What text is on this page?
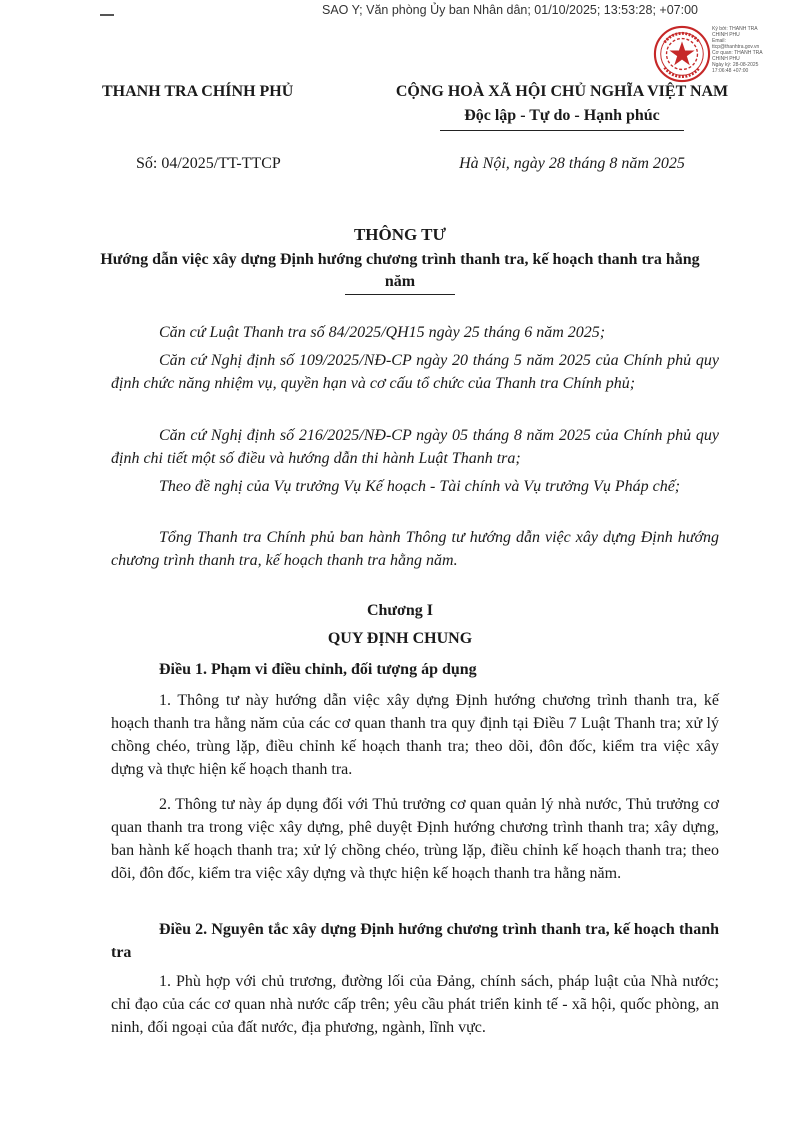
SAO Y; Văn phòng Ủy ban Nhân dân; 01/10/2025; 13:53:28; +07:00
Ký bởi: THANH TRA
CHÍNH PHỦ
Email:
ttcp@thanhtra.gov.vn
Cơ quan: THANH TRA
CHÍNH PHỦ
Ngày ký: 28-08-2025
17:06:48 +07:00
THANH TRA CHÍNH PHỦ	CỘNG HOÀ XÃ HỘI CHỦ NGHĨA VIỆT NAM
Độc lập - Tự do - Hạnh phúc
Số: 04/2025/TT-TTCP	Hà Nội, ngày 28 tháng 8 năm 2025
THÔNG TƯ
Hướng dẫn việc xây dựng Định hướng chương trình thanh tra, kế hoạch thanh tra hằng năm
Căn cứ Luật Thanh tra số 84/2025/QH15 ngày 25 tháng 6 năm 2025;
Căn cứ Nghị định số 109/2025/NĐ-CP ngày 20 tháng 5 năm 2025 của Chính phủ quy định chức năng nhiệm vụ, quyền hạn và cơ cấu tổ chức của Thanh tra Chính phủ;
Căn cứ Nghị định số 216/2025/NĐ-CP ngày 05 tháng 8 năm 2025 của Chính phủ quy định chi tiết một số điều và hướng dẫn thi hành Luật Thanh tra;
Theo đề nghị của Vụ trưởng Vụ Kế hoạch - Tài chính và Vụ trưởng Vụ Pháp chế;
Tổng Thanh tra Chính phủ ban hành Thông tư hướng dẫn việc xây dựng Định hướng chương trình thanh tra, kế hoạch thanh tra hằng năm.
Chương I
QUY ĐỊNH CHUNG
Điều 1. Phạm vi điều chỉnh, đối tượng áp dụng
1. Thông tư này hướng dẫn việc xây dựng Định hướng chương trình thanh tra, kế hoạch thanh tra hằng năm của các cơ quan thanh tra quy định tại Điều 7 Luật Thanh tra; xử lý chồng chéo, trùng lặp, điều chỉnh kế hoạch thanh tra; theo dõi, đôn đốc, kiểm tra việc xây dựng và thực hiện kế hoạch thanh tra.
2. Thông tư này áp dụng đối với Thủ trưởng cơ quan quản lý nhà nước, Thủ trưởng cơ quan thanh tra trong việc xây dựng, phê duyệt Định hướng chương trình thanh tra; xây dựng, ban hành kế hoạch thanh tra; xử lý chồng chéo, trùng lặp, điều chỉnh kế hoạch thanh tra; theo dõi, đôn đốc, kiểm tra việc xây dựng và thực hiện kế hoạch thanh tra hằng năm.
Điều 2. Nguyên tắc xây dựng Định hướng chương trình thanh tra, kế hoạch thanh tra
1. Phù hợp với chủ trương, đường lối của Đảng, chính sách, pháp luật của Nhà nước; chỉ đạo của các cơ quan nhà nước cấp trên; yêu cầu phát triển kinh tế - xã hội, quốc phòng, an ninh, đối ngoại của đất nước, địa phương, ngành, lĩnh vực.
